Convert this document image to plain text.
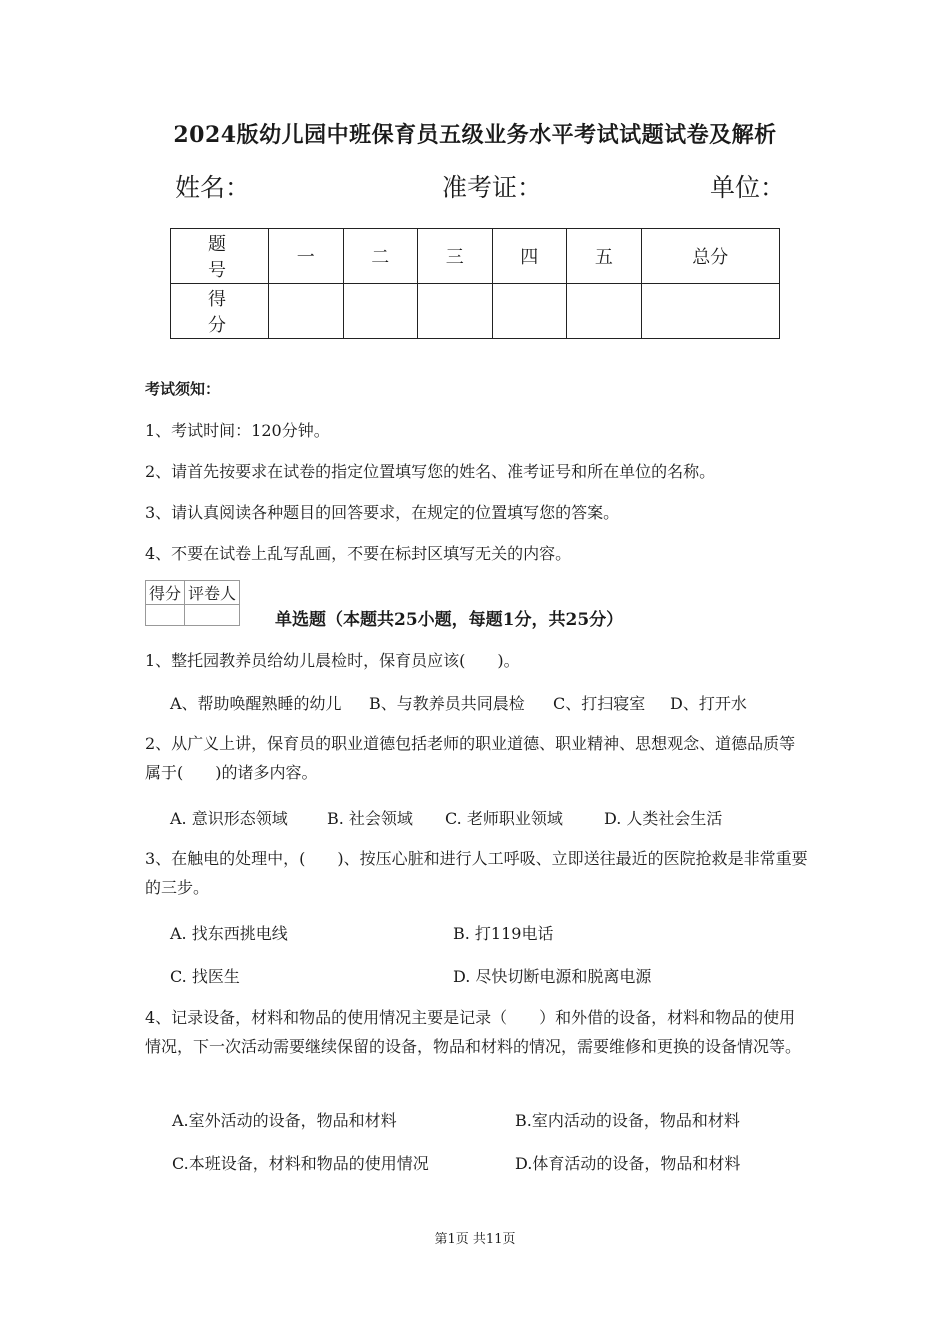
2024版幼儿园中班保育员五级业务水平考试试题试卷及解析
姓名：	准考证：	单位：
题　号	一	二	三	四	五	总分
得　分						
考试须知：
1、考试时间：120分钟。
2、请首先按要求在试卷的指定位置填写您的姓名、准考证号和所在单位的名称。
3、请认真阅读各种题目的回答要求，在规定的位置填写您的答案。
4、不要在试卷上乱写乱画，不要在标封区填写无关的内容。
得分	评卷人

单选题（本题共25小题，每题1分，共25分）
1、整托园教养员给幼儿晨检时，保育员应该(　　)。
A、帮助唤醒熟睡的幼儿 B、与教养员共同晨检 C、打扫寝室 D、打开水
2、从广义上讲，保育员的职业道德包括老师的职业道德、职业精神、思想观念、道德品质等属于(　　)的诸多内容。
A. 意识形态领域 B. 社会领域 C. 老师职业领域	D. 人类社会生活
3、在触电的处理中，(　　)、按压心脏和进行人工呼吸、立即送往最近的医院抢救是非常重要的三步。
A. 找东西挑电线	B. 打119电话
C. 找医生	D. 尽快切断电源和脱离电源
4、记录设备，材料和物品的使用情况主要是记录（　　）和外借的设备，材料和物品的使用情况，下一次活动需要继续保留的设备，物品和材料的情况，需要维修和更换的设备情况等。
A.室外活动的设备，物品和材料	B.室内活动的设备，物品和材料
C.本班设备，材料和物品的使用情况	D.体育活动的设备，物品和材料
第1页 共11页
